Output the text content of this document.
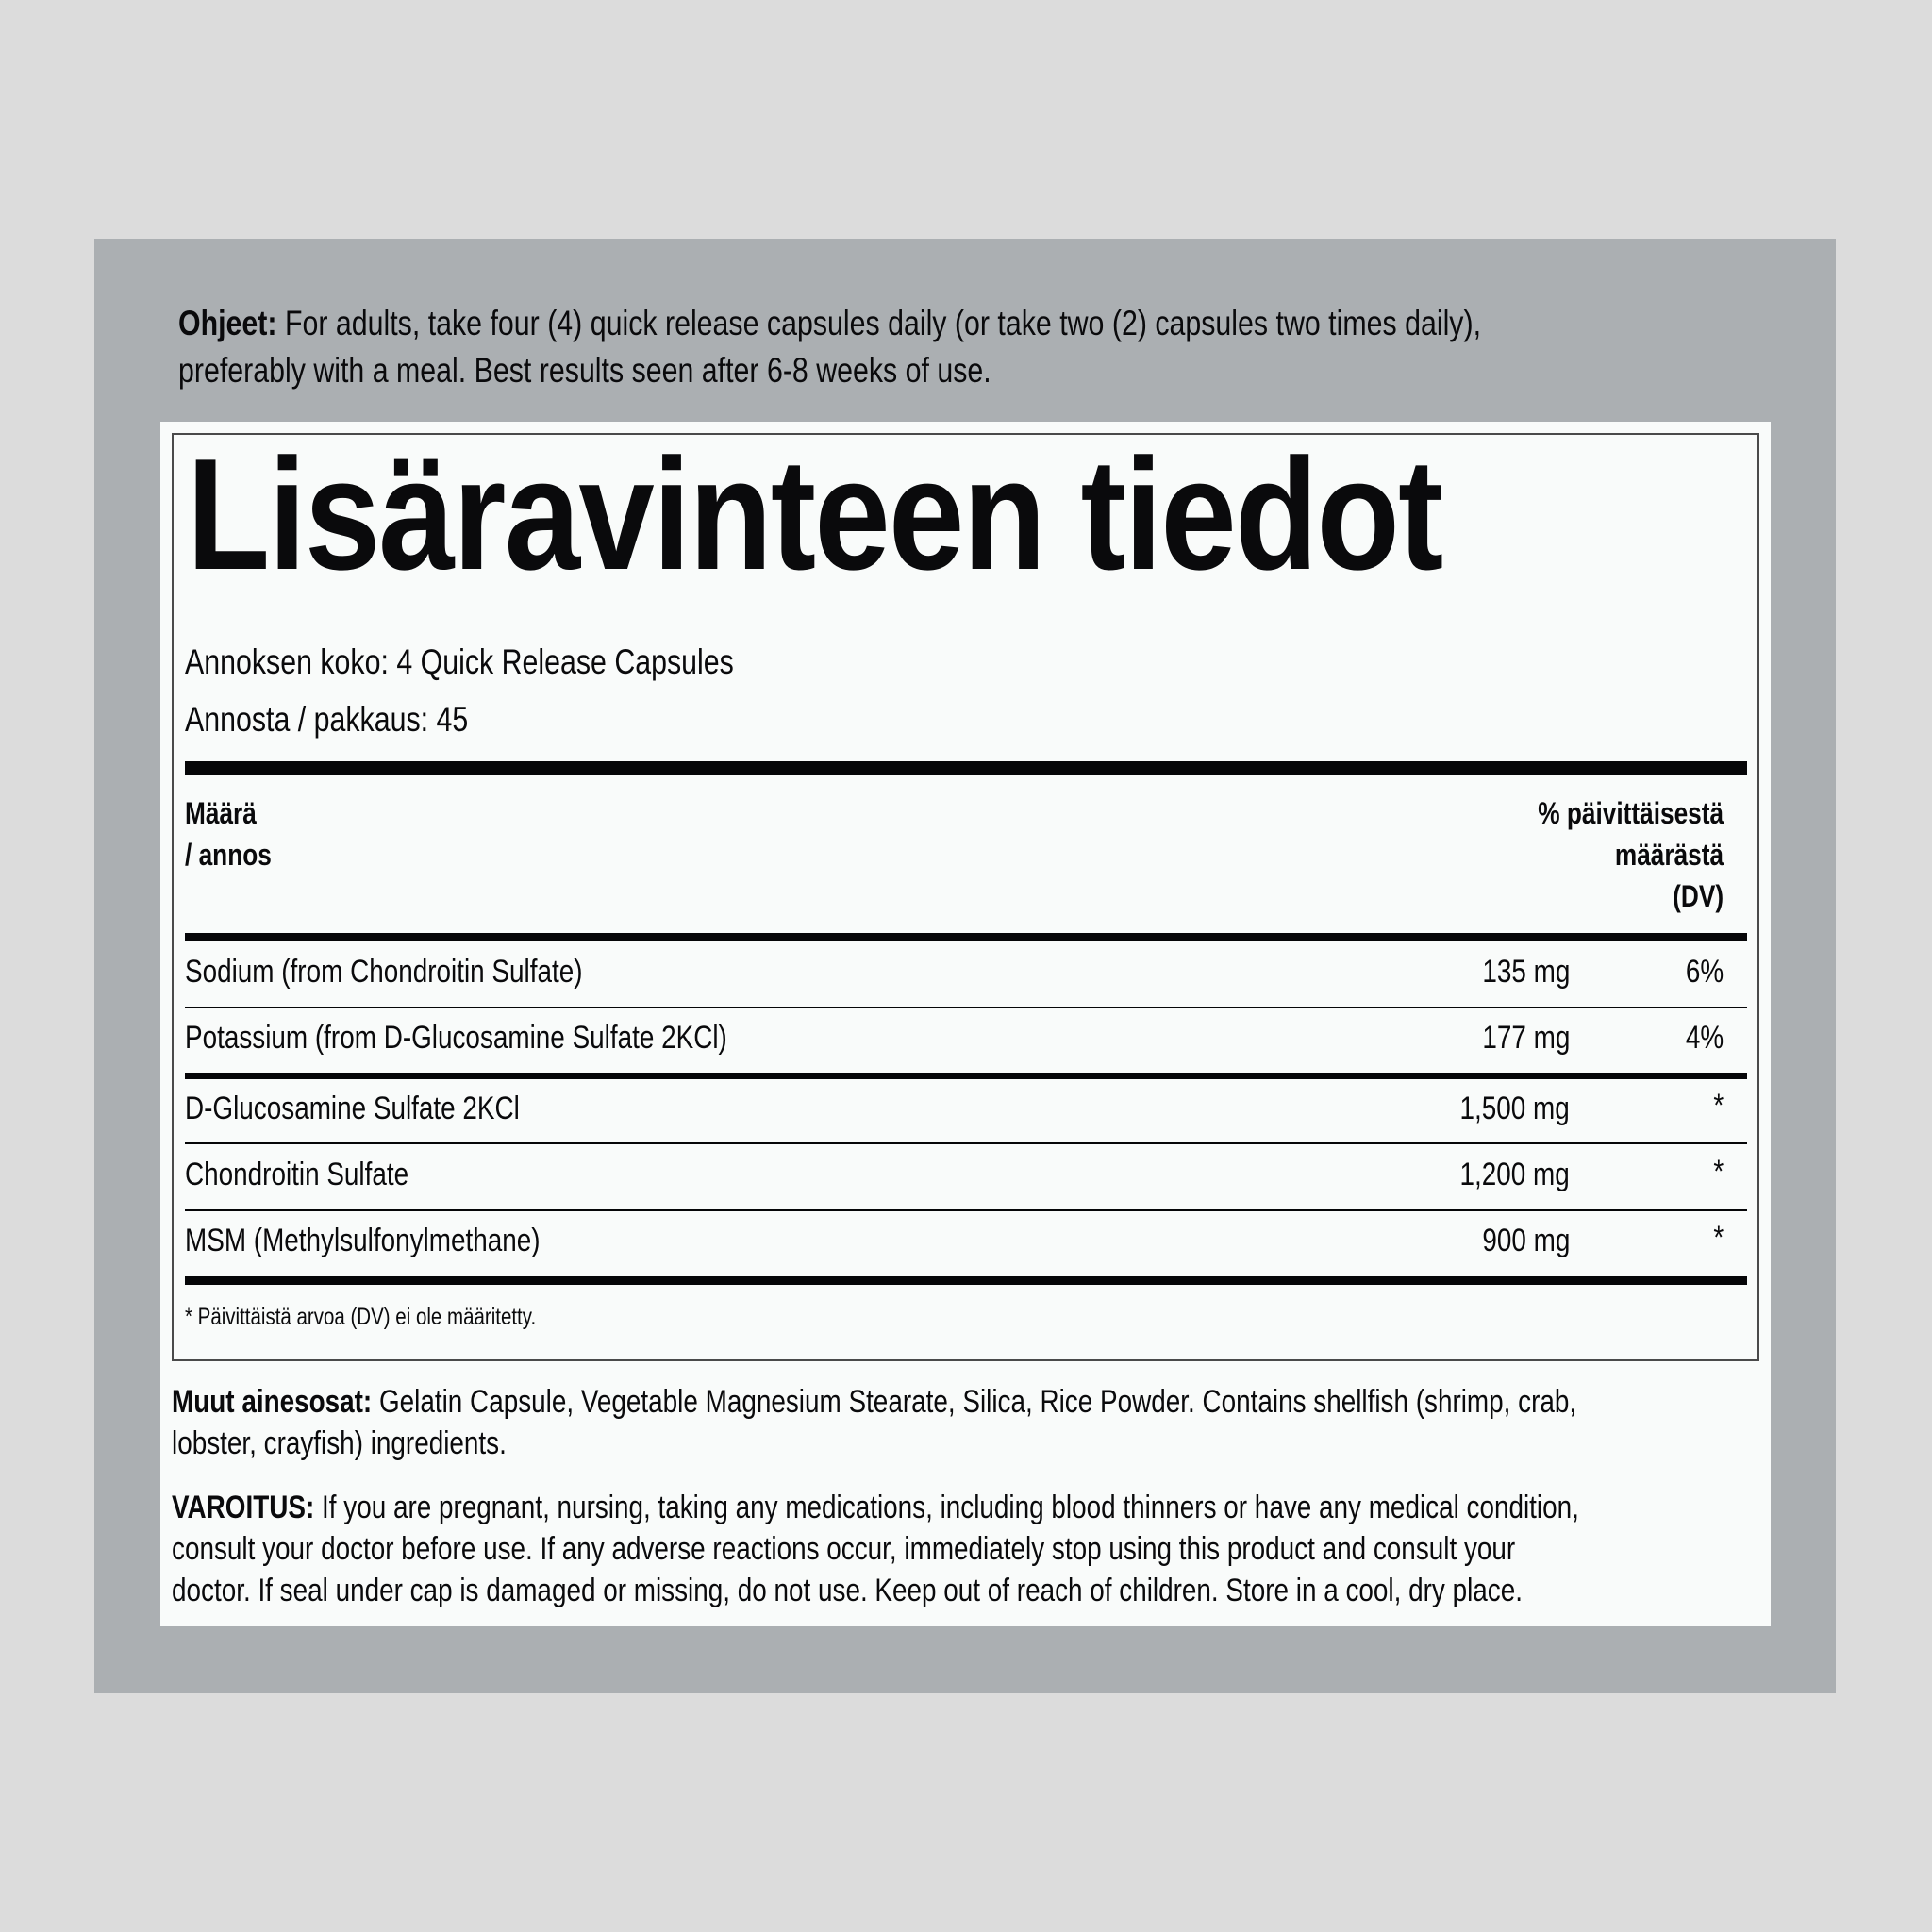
Ohjeet: For adults, take four (4) quick release capsules daily (or take two (2) capsules two times daily),
preferably with a meal. Best results seen after 6-8 weeks of use.
Lisäravinteen tiedot
Annoksen koko: 4 Quick Release Capsules
Annosta / pakkaus: 45
Määrä
/ annos
% päivittäisestä
määrästä
(DV)
Sodium (from Chondroitin Sulfate)	135 mg	6%
Potassium (from D-Glucosamine Sulfate 2KCl)	177 mg	4%
D-Glucosamine Sulfate 2KCl	1,500 mg	*
Chondroitin Sulfate	1,200 mg	*
MSM (Methylsulfonylmethane)	900 mg	*
* Päivittäistä arvoa (DV) ei ole määritetty.
Muut ainesosat: Gelatin Capsule, Vegetable Magnesium Stearate, Silica, Rice Powder. Contains shellfish (shrimp, crab,
lobster, crayfish) ingredients.
VAROITUS: If you are pregnant, nursing, taking any medications, including blood thinners or have any medical condition,
consult your doctor before use. If any adverse reactions occur, immediately stop using this product and consult your
doctor. If seal under cap is damaged or missing, do not use. Keep out of reach of children. Store in a cool, dry place.
